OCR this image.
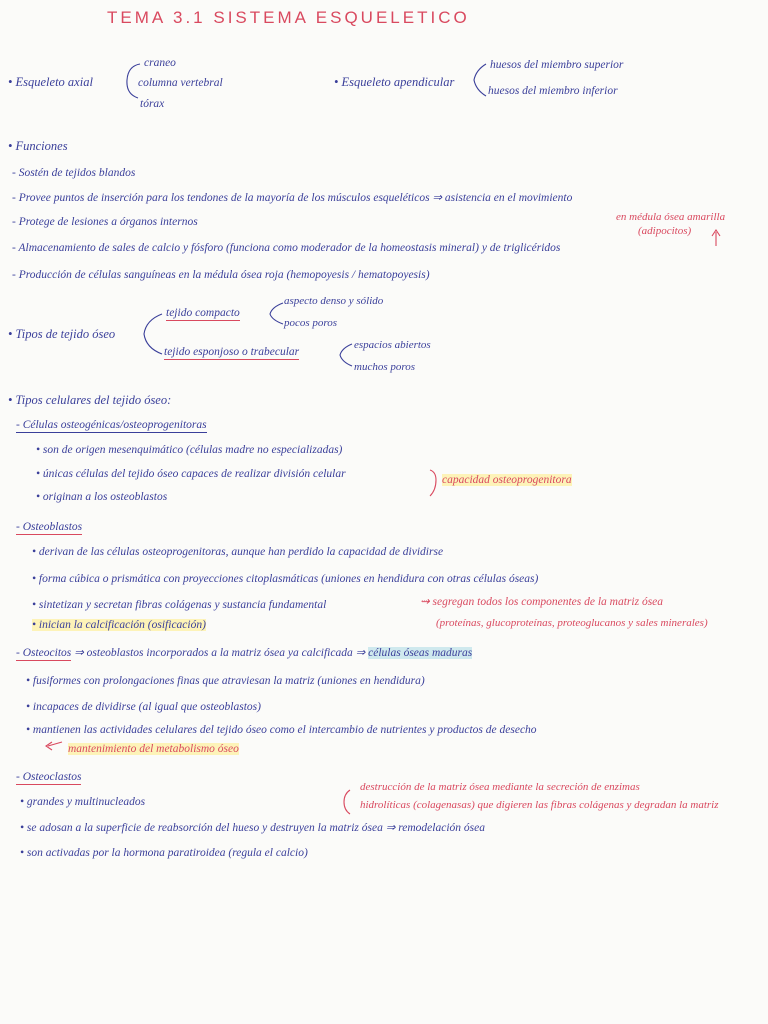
TEMA 3.1 SISTEMA ESQUELETICO
• Esqueleto axial
craneo
columna vertebral
tórax
• Esqueleto apendicular
huesos del miembro superior
huesos del miembro inferior
• Funciones
- Sostén de tejidos blandos
- Provee puntos de inserción para los tendones de la mayoría de los músculos esqueléticos ⇒ asistencia en el movimiento
- Protege de lesiones a órganos internos	en médula ósea amarilla
(adipocitos)
- Almacenamiento de sales de calcio y fósforo (funciona como moderador de la homeostasis mineral) y de triglicéridos
- Producción de células sanguíneas en la médula ósea roja (hemopoyesis / hematopoyesis)
• Tipos de tejido óseo
tejido compacto
aspecto denso y sólido
pocos poros
tejido esponjoso o trabecular
espacios abiertos
muchos poros
• Tipos celulares del tejido óseo:
- Células osteogénicas/osteoprogenitoras
• son de origen mesenquimático (células madre no especializadas)
• únicas células del tejido óseo capaces de realizar división celular
• originan a los osteoblastos
capacidad osteoprogenitora
- Osteoblastos
• derivan de las células osteoprogenitoras, aunque han perdido la capacidad de dividirse
• forma cúbica o prismática con proyecciones citoplasmáticas (uniones en hendidura con otras células óseas)
• sintetizan y secretan fibras colágenas y sustancia fundamental	⇝ segregan todos los componentes de la matriz ósea
(proteínas, glucoproteínas, proteoglucanos y sales minerales)
• inician la calcificación (osificación)
- Osteocitos ⇒ osteoblastos incorporados a la matriz ósea ya calcificada ⇒ células óseas maduras
• fusiformes con prolongaciones finas que atraviesan la matriz (uniones en hendidura)
• incapaces de dividirse (al igual que osteoblastos)
• mantienen las actividades celulares del tejido óseo como el intercambio de nutrientes y productos de desecho
mantenimiento del metabolismo óseo
- Osteoclastos
• grandes y multinucleados
destrucción de la matriz ósea mediante la secreción de enzimas
hidrolíticas (colagenasas) que digieren las fibras colágenas y degradan la matriz
• se adosan a la superficie de reabsorción del hueso y destruyen la matriz ósea ⇒ remodelación ósea
• son activadas por la hormona paratiroidea (regula el calcio)
